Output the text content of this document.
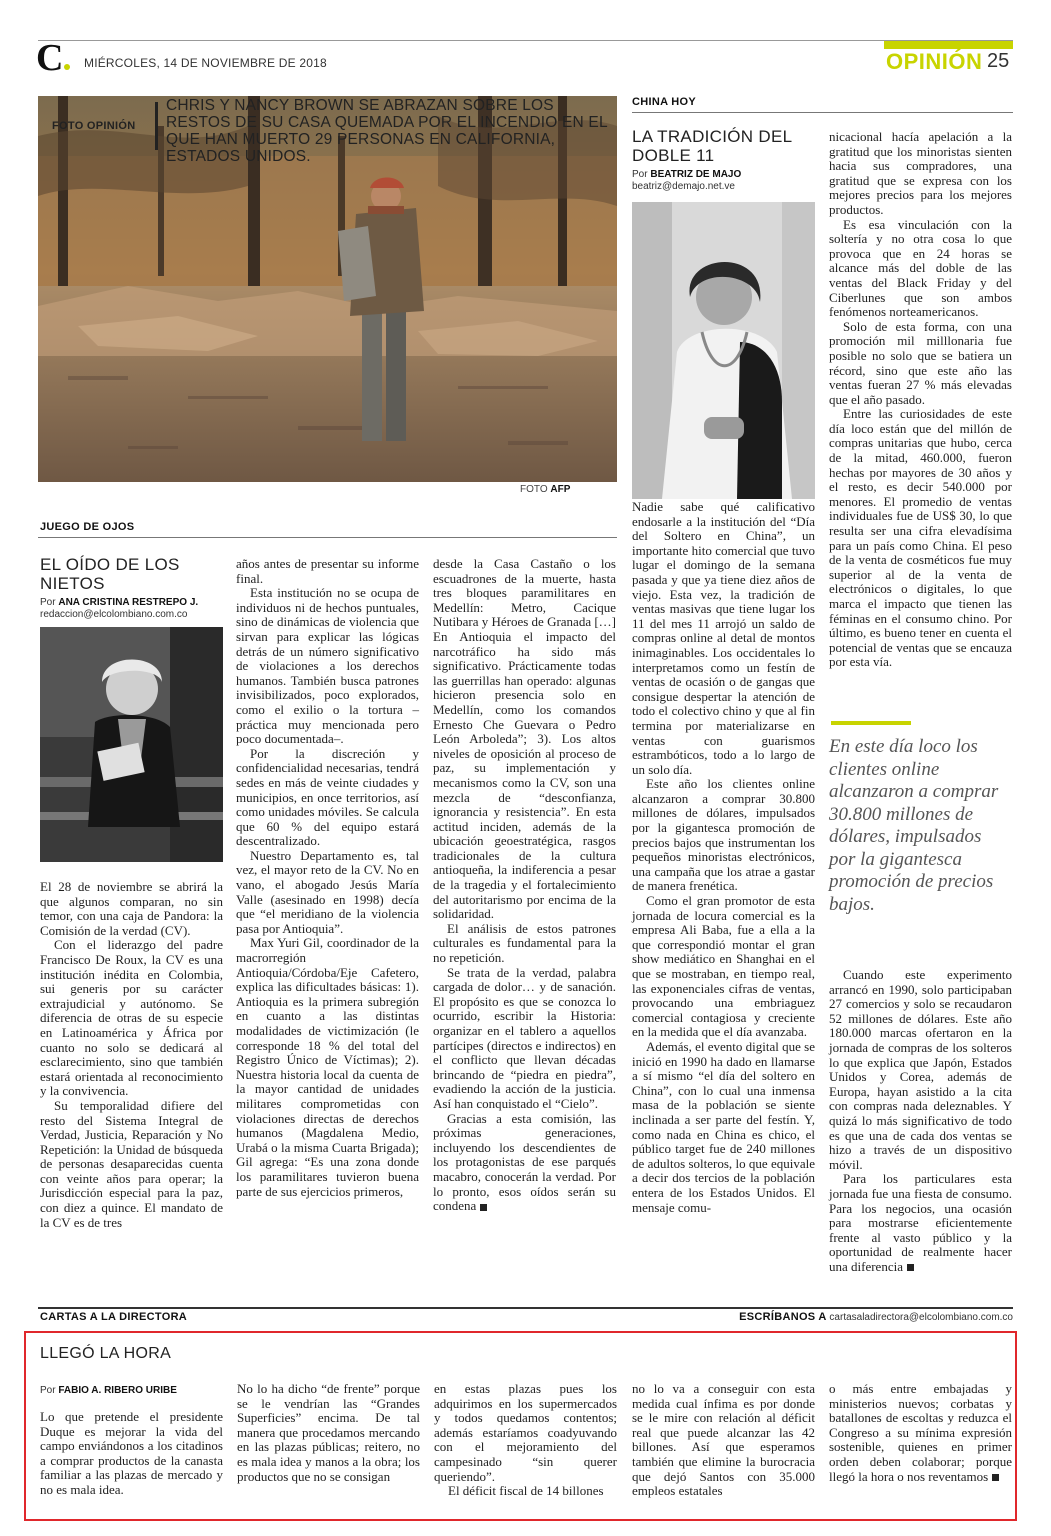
C	MIÉRCOLES, 14 DE NOVIEMBRE DE 2018	OPINIÓN 25
FOTO OPINIÓN
CHRIS Y NANCY BROWN SE ABRAZAN SOBRE LOS RESTOS DE SU CASA QUEMADA POR EL INCENDIO EN EL QUE HAN MUERTO 29 PERSONAS EN CALIFORNIA, ESTADOS UNIDOS.
FOTO AFP
JUEGO DE OJOS
EL OÍDO DE LOS NIETOS
Por ANA CRISTINA RESTREPO J.
redaccion@elcolombiano.com.co

El 28 de noviembre se abrirá la que algunos comparan, no sin temor, con una caja de Pandora: la Comisión de la verdad (CV).

Con el liderazgo del padre Francisco De Roux, la CV es una institución inédita en Colombia, sui generis por su carácter extrajudicial y autónomo. Se diferencia de otras de su especie en Latinoamérica y África por cuanto no solo se dedicará al esclarecimiento, sino que también estará orientada al reconocimiento y la convivencia.

Su temporalidad difiere del resto del Sistema Integral de Verdad, Justicia, Reparación y No Repetición: la Unidad de búsqueda de personas desaparecidas cuenta con veinte años para operar; la Jurisdicción especial para la paz, con diez a quince. El mandato de la CV es de tres

años antes de presentar su informe final.

Esta institución no se ocupa de individuos ni de hechos puntuales, sino de dinámicas de violencia que sirvan para explicar las lógicas detrás de un número significativo de violaciones a los derechos humanos. También busca patrones invisibilizados, poco explorados, como el exilio o la tortura –práctica muy mencionada pero poco documentada–.

Por la discreción y confidencialidad necesarias, tendrá sedes en más de veinte ciudades y municipios, en once territorios, así como unidades móviles. Se calcula que 60 % del equipo estará descentralizado.

Nuestro Departamento es, tal vez, el mayor reto de la CV. No en vano, el abogado Jesús María Valle (asesinado en 1998) decía que “el meridiano de la violencia pasa por Antioquia”.

Max Yuri Gil, coordinador de la macrorregión Antioquia/Córdoba/Eje Cafetero, explica las dificultades básicas: 1). Antioquia es la primera subregión en cuanto a las distintas modalidades de victimización (le corresponde 18 % del total del Registro Único de Víctimas); 2). Nuestra historia local da cuenta de la mayor cantidad de unidades militares comprometidas con violaciones directas de derechos humanos (Magdalena Medio, Urabá o la misma Cuarta Brigada); Gil agrega: “Es una zona donde los paramilitares tuvieron buena parte de sus ejercicios primeros,

desde la Casa Castaño o los escuadrones de la muerte, hasta tres bloques paramilitares en Medellín: Metro, Cacique Nutibara y Héroes de Granada […] En Antioquia el impacto del narcotráfico ha sido más significativo. Prácticamente todas las guerrillas han operado: algunas hicieron presencia solo en Medellín, como los comandos Ernesto Che Guevara o Pedro León Arboleda”; 3). Los altos niveles de oposición al proceso de paz, su implementación y mecanismos como la CV, son una mezcla de “desconfianza, ignorancia y resistencia”. En esta actitud inciden, además de la ubicación geoestratégica, rasgos tradicionales de la cultura antioqueña, la indiferencia a pesar de la tragedia y el fortalecimiento del autoritarismo por encima de la solidaridad.

El análisis de estos patrones culturales es fundamental para la no repetición.

Se trata de la verdad, palabra cargada de dolor… y de sanación. El propósito es que se conozca lo ocurrido, escribir la Historia: organizar en el tablero a aquellos partícipes (directos e indirectos) en el conflicto que llevan décadas brincando de “piedra en piedra”, evadiendo la acción de la justicia. Así han conquistado el “Cielo”.

Gracias a esta comisión, las próximas generaciones, incluyendo los descendientes de los protagonistas de ese parqués macabro, conocerán la verdad. Por lo pronto, esos oídos serán su condena

CHINA HOY
LA TRADICIÓN DEL DOBLE 11
Por BEATRIZ DE MAJO
beatriz@demajo.net.ve

Nadie sabe qué calificativo endosarle a la institución del “Día del Soltero en China”, un importante hito comercial que tuvo lugar el domingo de la semana pasada y que ya tiene diez años de viejo. Esta vez, la tradición de ventas masivas que tiene lugar los 11 del mes 11 arrojó un saldo de compras online al detal de montos inimaginables. Los occidentales lo interpretamos como un festín de ventas de ocasión o de gangas que consigue despertar la atención de todo el colectivo chino y que al fin termina por materializarse en ventas con guarismos estrambóticos, todo a lo largo de un solo día.

Este año los clientes online alcanzaron a comprar 30.800 millones de dólares, impulsados por la gigantesca promoción de precios bajos que instrumentan los pequeños minoristas electrónicos, una campaña que los atrae a gastar de manera frenética.

Como el gran promotor de esta jornada de locura comercial es la empresa Ali Baba, fue a ella a la que correspondió montar el gran show mediático en Shanghai en el que se mostraban, en tiempo real, las exponenciales cifras de ventas, provocando una embriaguez comercial contagiosa y creciente en la medida que el día avanzaba.

Además, el evento digital que se inició en 1990 ha dado en llamarse a sí mismo “el día del soltero en China”, con lo cual una inmensa masa de la población se siente inclinada a ser parte del festín. Y, como nada en China es chico, el público target fue de 240 millones de adultos solteros, lo que equivale a decir dos tercios de la población entera de los Estados Unidos. El mensaje comu-

nicacional hacía apelación a la gratitud que los minoristas sienten hacia sus compradores, una gratitud que se expresa con los mejores precios para los mejores productos.

Es esa vinculación con la soltería y no otra cosa lo que provoca que en 24 horas se alcance más del doble de las ventas del Black Friday y del Ciberlunes que son ambos fenómenos norteamericanos.

Solo de esta forma, con una promoción mil milllonaria fue posible no solo que se batiera un récord, sino que este año las ventas fueran 27 % más elevadas que el año pasado.

Entre las curiosidades de este día loco están que del millón de compras unitarias que hubo, cerca de la mitad, 460.000, fueron hechas por mayores de 30 años y el resto, es decir 540.000 por menores. El promedio de ventas individuales fue de US$ 30, lo que resulta ser una cifra elevadísima para un país como China. El peso de la venta de cosméticos fue muy superior al de la venta de electrónicos o digitales, lo que marca el impacto que tienen las féminas en el consumo chino. Por último, es bueno tener en cuenta el potencial de ventas que se encauza por esta vía.

En este día loco los clientes online alcanzaron a comprar 30.800 millones de dólares, impulsados por la gigantesca promoción de precios bajos.

Cuando este experimento arrancó en 1990, solo participaban 27 comercios y solo se recaudaron 52 millones de dólares. Este año 180.000 marcas ofertaron en la jornada de compras de los solteros lo que explica que Japón, Estados Unidos y Corea, además de Europa, hayan asistido a la cita con compras nada deleznables. Y quizá lo más significativo de todo es que una de cada dos ventas se hizo a través de un dispositivo móvil.

Para los particulares esta jornada fue una fiesta de consumo. Para los negocios, una ocasión para mostrarse eficientemente frente al vasto público y la oportunidad de realmente hacer una diferencia

CARTAS A LA DIRECTORA	ESCRÍBANOS A cartasaladirectora@elcolombiano.com.co
LLEGÓ LA HORA
Por FABIO A. RIBERO URIBE

Lo que pretende el presidente Duque es mejorar la vida del campo enviándonos a los citadinos a comprar productos de la canasta familiar a las plazas de mercado y no es mala idea.

No lo ha dicho “de frente” porque se le vendrían las “Grandes Superficies” encima. De tal manera que procedamos mercando en las plazas públicas; reitero, no es mala idea y manos a la obra; los productos que no se consigan

en estas plazas pues los adquirimos en los supermercados y todos quedamos contentos; además estaríamos coadyuvando con el mejoramiento del campesinado “sin querer queriendo”.

El déficit fiscal de 14 billones

no lo va a conseguir con esta medida cual ínfima es por donde se le mire con relación al déficit real que puede alcanzar las 42 billones. Así que esperamos también que elimine la burocracia que dejó Santos con 35.000 empleos estatales

o más entre embajadas y ministerios nuevos; corbatas y batallones de escoltas y reduzca el Congreso a su mínima expresión sostenible, quienes en primer orden deben colaborar; porque llegó la hora o nos reventamos
